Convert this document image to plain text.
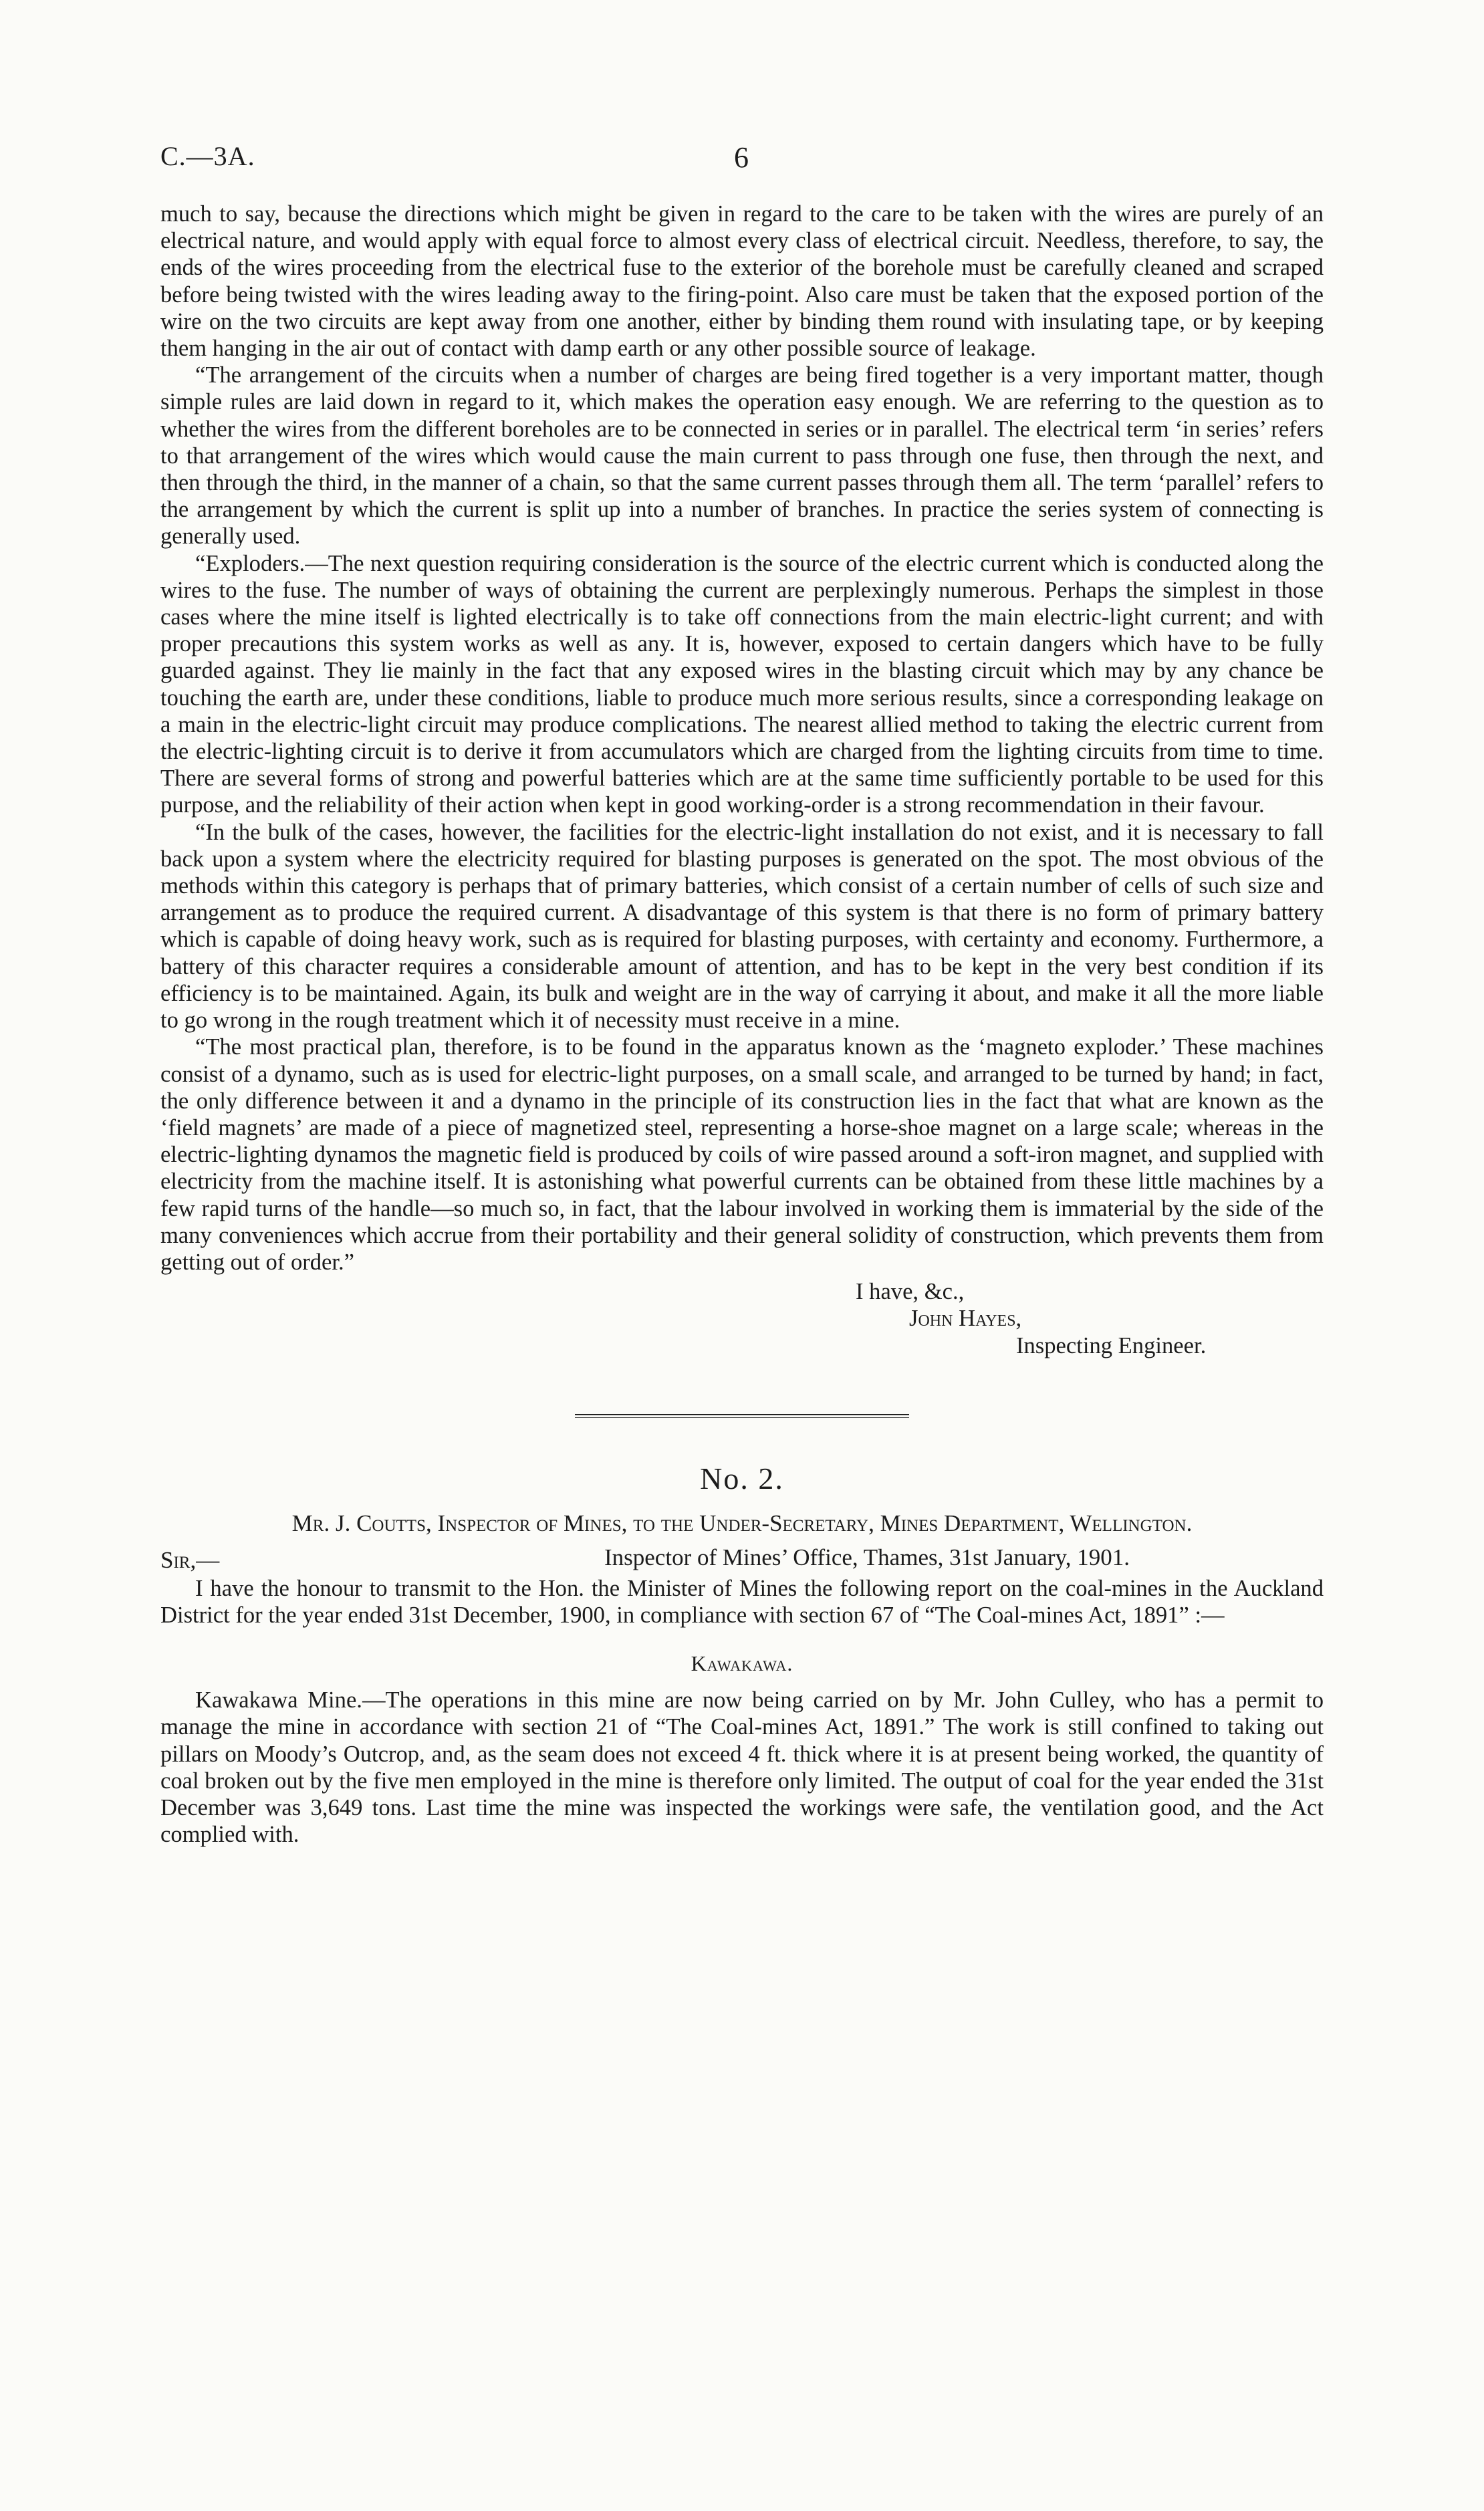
C.—3A.	6

much to say, because the directions which might be given in regard to the care to be taken with the wires are purely of an electrical nature, and would apply with equal force to almost every class of electrical circuit. Needless, therefore, to say, the ends of the wires proceeding from the electrical fuse to the exterior of the borehole must be carefully cleaned and scraped before being twisted with the wires leading away to the firing-point. Also care must be taken that the exposed portion of the wire on the two circuits are kept away from one another, either by binding them round with insulating tape, or by keeping them hanging in the air out of contact with damp earth or any other possible source of leakage.

“The arrangement of the circuits when a number of charges are being fired together is a very important matter, though simple rules are laid down in regard to it, which makes the operation easy enough. We are referring to the question as to whether the wires from the different boreholes are to be connected in series or in parallel. The electrical term ‘in series’ refers to that arrangement of the wires which would cause the main current to pass through one fuse, then through the next, and then through the third, in the manner of a chain, so that the same current passes through them all. The term ‘parallel’ refers to the arrangement by which the current is split up into a number of branches. In practice the series system of connecting is generally used.

“Exploders.—The next question requiring consideration is the source of the electric current which is conducted along the wires to the fuse. The number of ways of obtaining the current are perplexingly numerous. Perhaps the simplest in those cases where the mine itself is lighted electrically is to take off connections from the main electric-light current; and with proper precautions this system works as well as any. It is, however, exposed to certain dangers which have to be fully guarded against. They lie mainly in the fact that any exposed wires in the blasting circuit which may by any chance be touching the earth are, under these conditions, liable to produce much more serious results, since a corresponding leakage on a main in the electric-light circuit may produce complications. The nearest allied method to taking the electric current from the electric-lighting circuit is to derive it from accumulators which are charged from the lighting circuits from time to time. There are several forms of strong and powerful batteries which are at the same time sufficiently portable to be used for this purpose, and the reliability of their action when kept in good working-order is a strong recommendation in their favour.

“In the bulk of the cases, however, the facilities for the electric-light installation do not exist, and it is necessary to fall back upon a system where the electricity required for blasting purposes is generated on the spot. The most obvious of the methods within this category is perhaps that of primary batteries, which consist of a certain number of cells of such size and arrangement as to produce the required current. A disadvantage of this system is that there is no form of primary battery which is capable of doing heavy work, such as is required for blasting purposes, with certainty and economy. Furthermore, a battery of this character requires a considerable amount of attention, and has to be kept in the very best condition if its efficiency is to be maintained. Again, its bulk and weight are in the way of carrying it about, and make it all the more liable to go wrong in the rough treatment which it of necessity must receive in a mine.

“The most practical plan, therefore, is to be found in the apparatus known as the ‘magneto exploder.’ These machines consist of a dynamo, such as is used for electric-light purposes, on a small scale, and arranged to be turned by hand; in fact, the only difference between it and a dynamo in the principle of its construction lies in the fact that what are known as the ‘field magnets’ are made of a piece of magnetized steel, representing a horse-shoe magnet on a large scale; whereas in the electric-lighting dynamos the magnetic field is produced by coils of wire passed around a soft-iron magnet, and supplied with electricity from the machine itself. It is astonishing what powerful currents can be obtained from these little machines by a few rapid turns of the handle—so much so, in fact, that the labour involved in working them is immaterial by the side of the many conveniences which accrue from their portability and their general solidity of construction, which prevents them from getting out of order.”

I have, &c.,
John Hayes,
Inspecting Engineer.
No. 2.
Mr. J. Coutts, Inspector of Mines, to the Under-Secretary, Mines Department, Wellington.
Sir,—	Inspector of Mines’ Office, Thames, 31st January, 1901.

I have the honour to transmit to the Hon. the Minister of Mines the following report on the coal-mines in the Auckland District for the year ended 31st December, 1900, in compliance with section 67 of “The Coal-mines Act, 1891” :—

Kawakawa.

Kawakawa Mine.—The operations in this mine are now being carried on by Mr. John Culley, who has a permit to manage the mine in accordance with section 21 of “The Coal-mines Act, 1891.” The work is still confined to taking out pillars on Moody’s Outcrop, and, as the seam does not exceed 4 ft. thick where it is at present being worked, the quantity of coal broken out by the five men employed in the mine is therefore only limited. The output of coal for the year ended the 31st December was 3,649 tons. Last time the mine was inspected the workings were safe, the ventilation good, and the Act complied with.
